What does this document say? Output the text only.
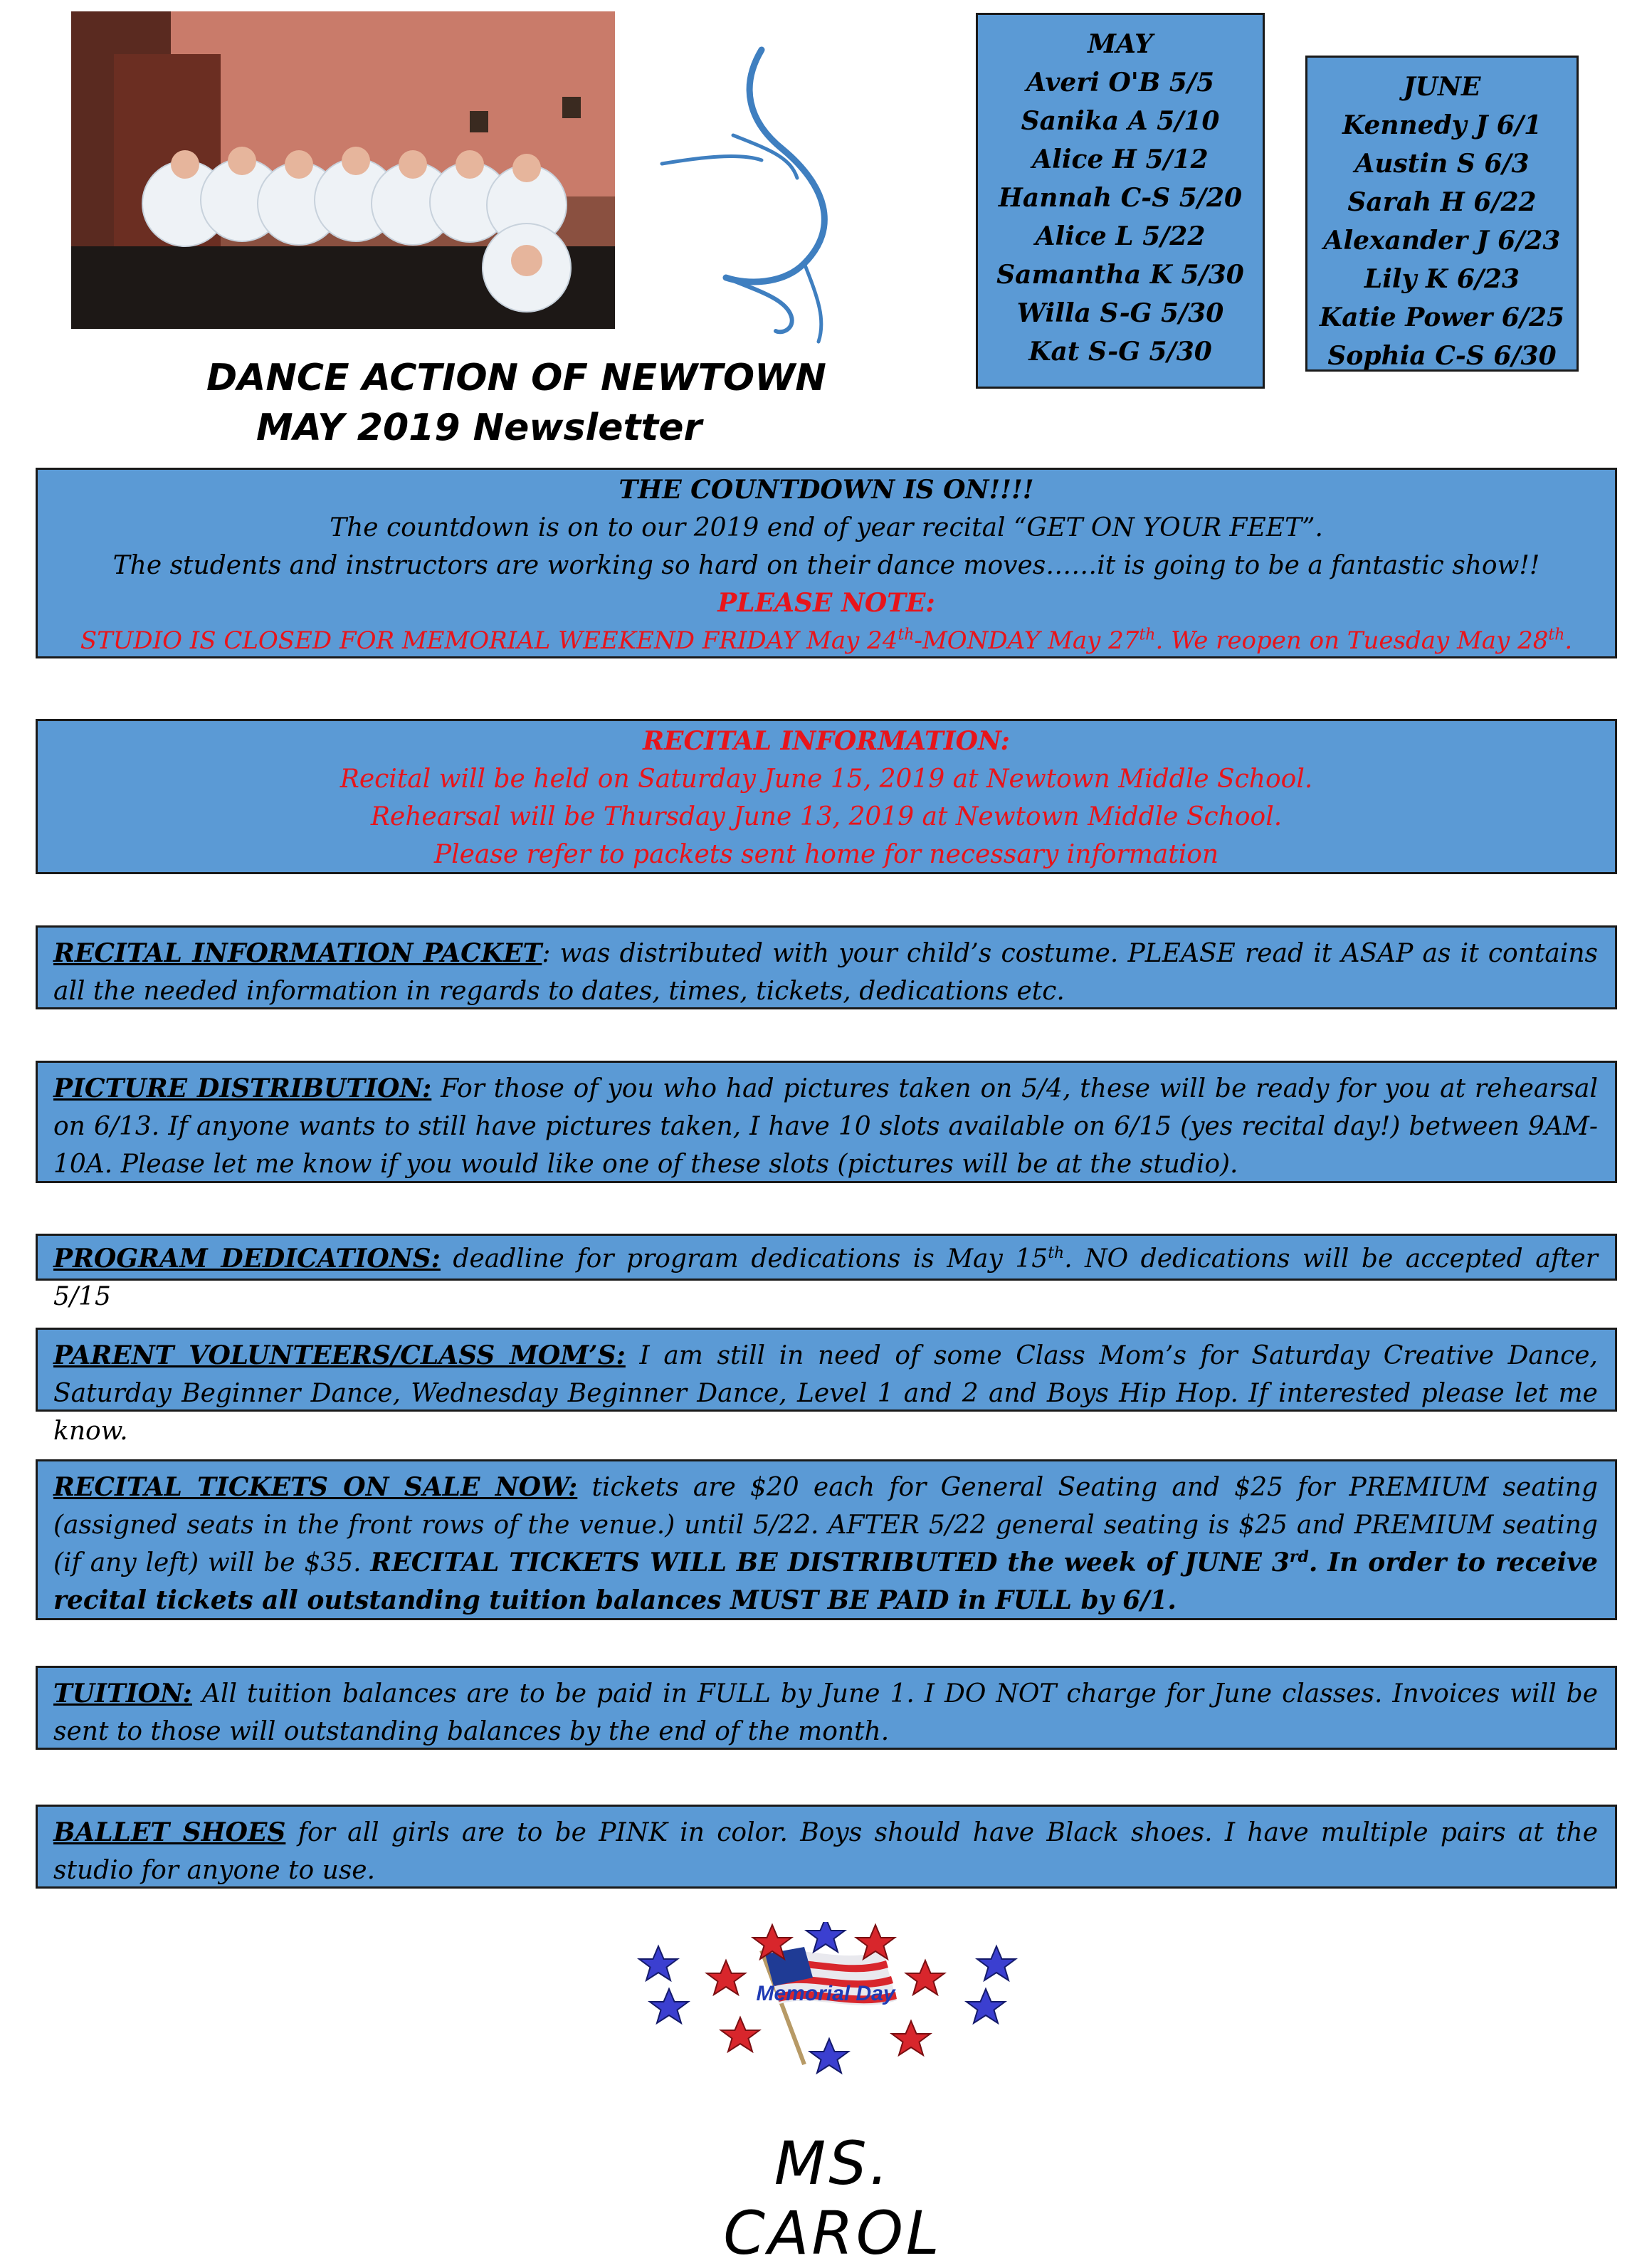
DANCE ACTION OF NEWTOWN
MAY 2019 Newsletter
MAY
Averi O'B 5/5
Sanika A 5/10
Alice H 5/12
Hannah C-S 5/20
Alice L 5/22
Samantha K 5/30
Willa S-G 5/30
Kat S-G 5/30
JUNE
Kennedy J 6/1
Austin S 6/3
Sarah H 6/22
Alexander J 6/23
Lily K 6/23
Katie Power 6/25
Sophia C-S 6/30
THE COUNTDOWN IS ON!!!!
The countdown is on to our 2019 end of year recital “GET ON YOUR FEET”.
The students and instructors are working so hard on their dance moves……it is going to be a fantastic show!!
PLEASE NOTE:
STUDIO IS CLOSED FOR MEMORIAL WEEKEND FRIDAY May 24th-MONDAY May 27th. We reopen on Tuesday May 28th.
RECITAL INFORMATION:
Recital will be held on Saturday June 15, 2019 at Newtown Middle School.
Rehearsal will be Thursday June 13, 2019 at Newtown Middle School.
Please refer to packets sent home for necessary information
RECITAL INFORMATION PACKET: was distributed with your child’s costume. PLEASE read it ASAP as it contains all the needed information in regards to dates, times, tickets, dedications etc.
PICTURE DISTRIBUTION: For those of you who had pictures taken on 5/4, these will be ready for you at rehearsal on 6/13. If anyone wants to still have pictures taken, I have 10 slots available on 6/15 (yes recital day!) between 9AM-10A. Please let me know if you would like one of these slots (pictures will be at the studio).
PROGRAM DEDICATIONS: deadline for program dedications is May 15th. NO dedications will be accepted after 5/15
PARENT VOLUNTEERS/CLASS MOM’S: I am still in need of some Class Mom’s for Saturday Creative Dance, Saturday Beginner Dance, Wednesday Beginner Dance, Level 1 and 2 and Boys Hip Hop. If interested please let me know.
RECITAL TICKETS ON SALE NOW: tickets are $20 each for General Seating and $25 for PREMIUM seating (assigned seats in the front rows of the venue.) until 5/22. AFTER 5/22 general seating is $25 and PREMIUM seating (if any left) will be $35. RECITAL TICKETS WILL BE DISTRIBUTED the week of JUNE 3rd. In order to receive recital tickets all outstanding tuition balances MUST BE PAID in FULL by 6/1.
TUITION: All tuition balances are to be paid in FULL by June 1. I DO NOT charge for June classes. Invoices will be sent to those will outstanding balances by the end of the month.
BALLET SHOES for all girls are to be PINK in color. Boys should have Black shoes. I have multiple pairs at the studio for anyone to use.
Memorial Day
MS. CAROL
